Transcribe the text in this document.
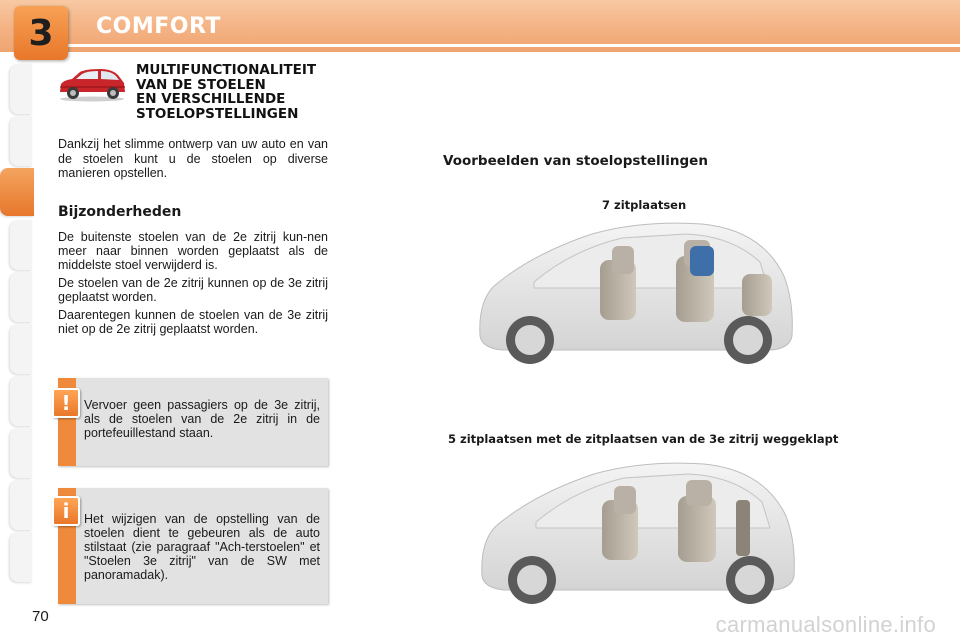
3 COMFORT
MULTIFUNCTIONALITEIT
VAN DE STOELEN
EN VERSCHILLENDE
STOELOPSTELLINGEN
Dankzij het slimme ontwerp van uw auto en van de stoelen kunt u de stoelen op diverse manieren opstellen.
Bijzonderheden

De buitenste stoelen van de 2e zitrij kun-nen meer naar binnen worden geplaatst als de middelste stoel verwijderd is.

De stoelen van de 2e zitrij kunnen op de 3e zitrij geplaatst worden.

Daarentegen kunnen de stoelen van de 3e zitrij niet op de 2e zitrij geplaatst worden.

Vervoer geen passagiers op de 3e zitrij, als de stoelen van de 2e zitrij in de portefeuillestand staan.
!
Het wijzigen van de opstelling van de stoelen dient te gebeuren als de auto stilstaat (zie paragraaf "Ach-terstoelen" et "Stoelen 3e zitrij" van de SW met panoramadak).
i
Voorbeelden van stoelopstellingen
7 zitplaatsen
5 zitplaatsen met de zitplaatsen van de 3e zitrij weggeklapt
70	carmanualsonline.info
